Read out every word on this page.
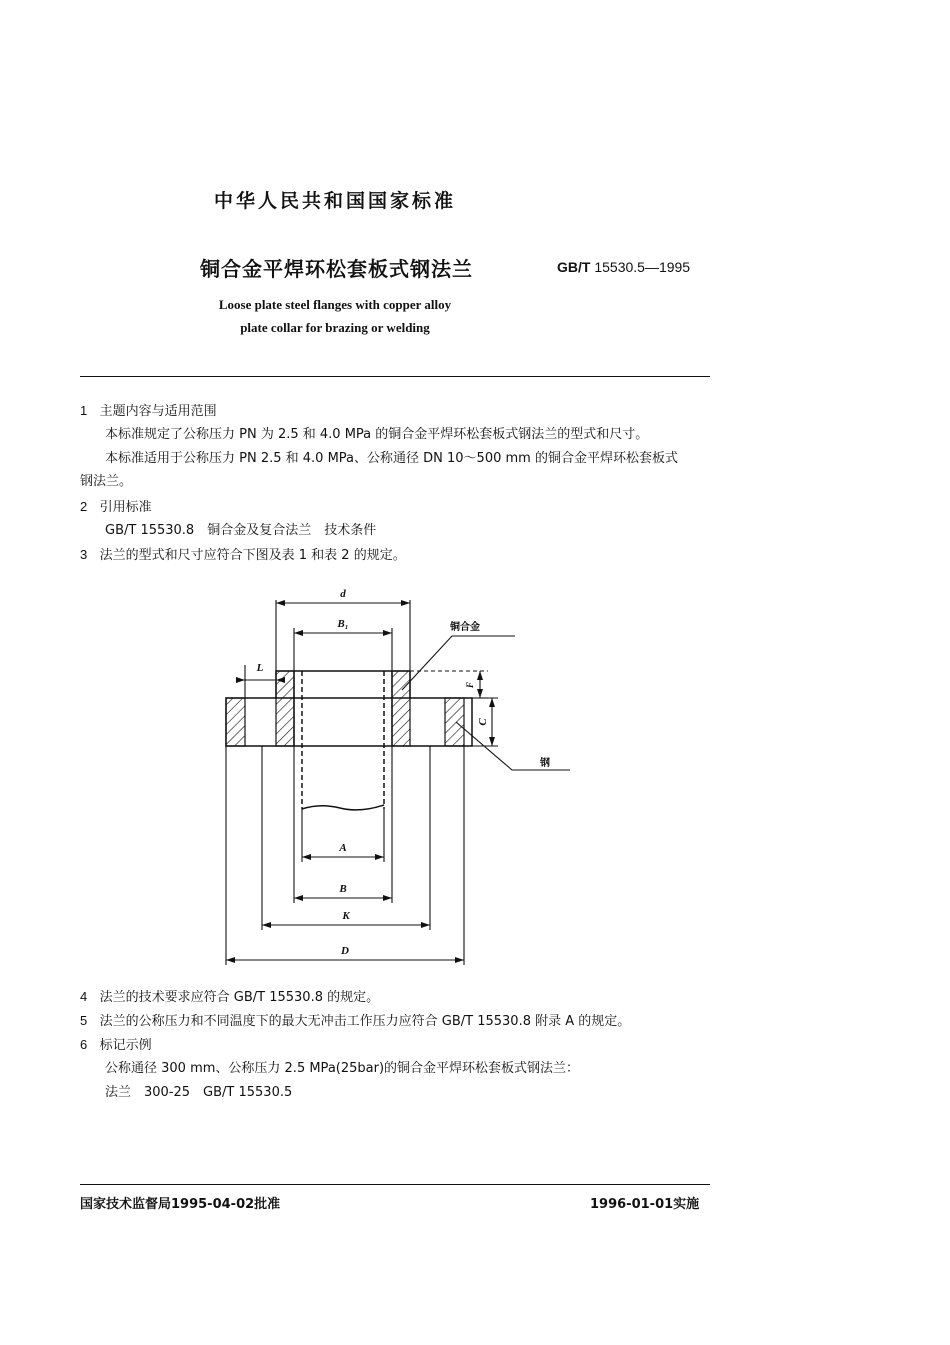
中华人民共和国国家标准
铜合金平焊环松套板式钢法兰	GB/T 15530.5—1995
Loose plate steel flanges with copper alloy
plate collar for brazing or welding
1 主题内容与适用范围
本标准规定了公称压力 PN 为 2.5 和 4.0 MPa 的铜合金平焊环松套板式钢法兰的型式和尺寸。
本标准适用于公称压力 PN 2.5 和 4.0 MPa、公称通径 DN 10～500 mm 的铜合金平焊环松套板式
钢法兰。
2 引用标准
GB/T 15530.8　铜合金及复合法兰　技术条件
3 法兰的型式和尺寸应符合下图及表 1 和表 2 的规定。
d
B₁
L
F
C
A
B
K
D
铜合金
钢
4 法兰的技术要求应符合 GB/T 15530.8 的规定。
5 法兰的公称压力和不同温度下的最大无冲击工作压力应符合 GB/T 15530.8 附录 A 的规定。
6 标记示例
公称通径 300 mm、公称压力 2.5 MPa(25bar)的铜合金平焊环松套板式钢法兰：
法兰　300-25　GB/T 15530.5
国家技术监督局1995-04-02批准	1996-01-01实施
